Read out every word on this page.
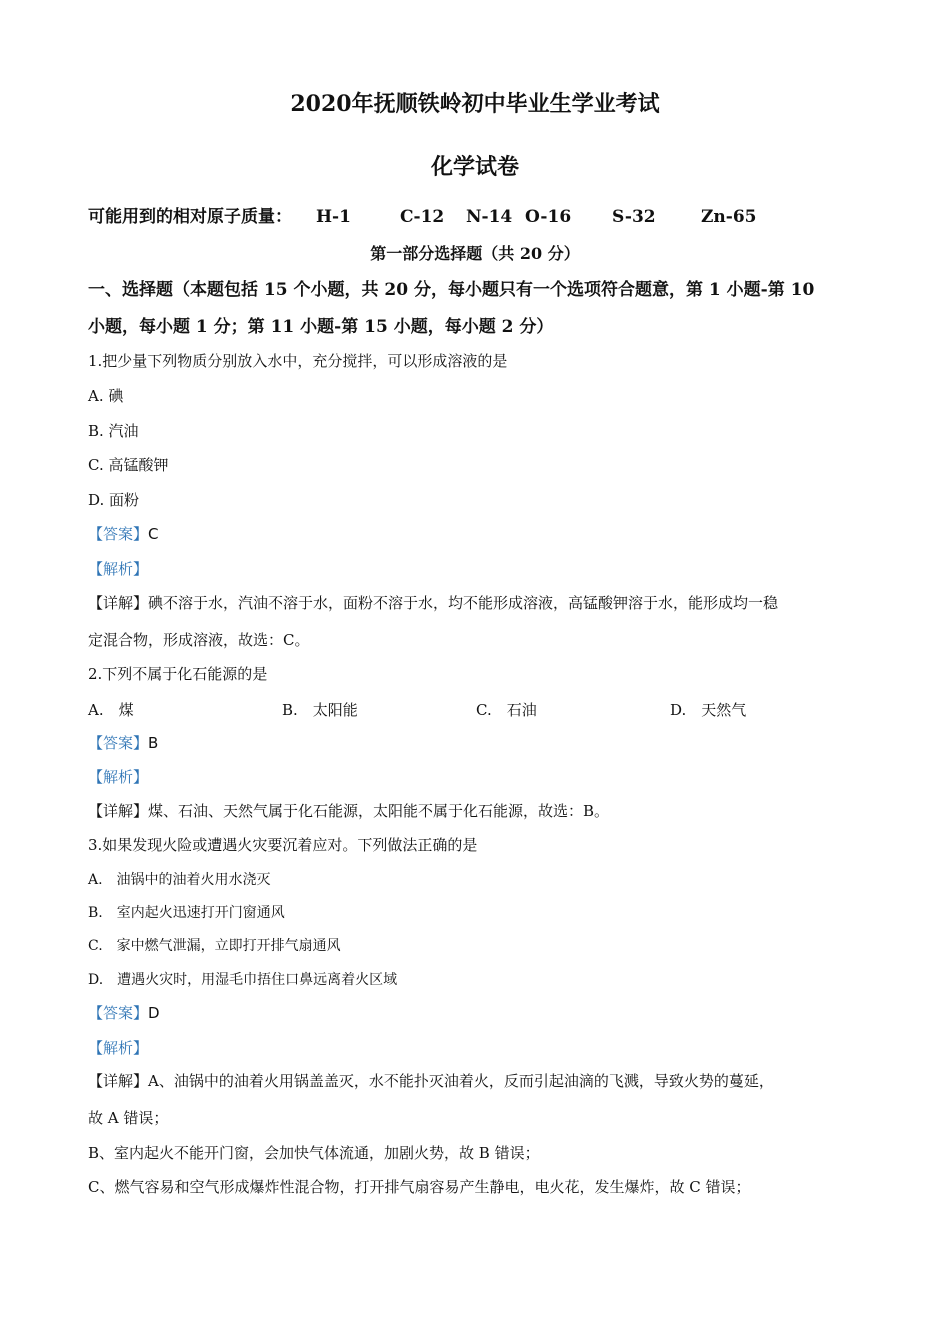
2020年抚顺铁岭初中毕业生学业考试
化学试卷
可能用到的相对原子质量： H-1	C-12 N-14 O-16 S-32	Zn-65
第一部分选择题（共 20 分）
一、选择题（本题包括 15 个小题，共 20 分，每小题只有一个选项符合题意，第 1 小题-第 10
小题，每小题 1 分；第 11 小题-第 15 小题，每小题 2 分）
1.把少量下列物质分别放入水中，充分搅拌，可以形成溶液的是
A. 碘
B. 汽油
C. 高锰酸钾
D. 面粉
【答案】C
【解析】
【详解】碘不溶于水，汽油不溶于水，面粉不溶于水，均不能形成溶液，高锰酸钾溶于水，能形成均一稳
定混合物，形成溶液，故选：C。
2.下列不属于化石能源的是
A.　煤	B.　太阳能	C.　石油	D.　天然气
【答案】B
【解析】
【详解】煤、石油、天然气属于化石能源，太阳能不属于化石能源，故选：B。
3.如果发现火险或遭遇火灾要沉着应对。下列做法正确的是
A.　油锅中的油着火用水浇灭
B.　室内起火迅速打开门窗通风
C.　家中燃气泄漏，立即打开排气扇通风
D.　遭遇火灾时，用湿毛巾捂住口鼻远离着火区域
【答案】D
【解析】
【详解】A、油锅中的油着火用锅盖盖灭，水不能扑灭油着火，反而引起油滴的飞溅，导致火势的蔓延，
故 A 错误；
B、室内起火不能开门窗，会加快气体流通，加剧火势，故 B 错误；
C、燃气容易和空气形成爆炸性混合物，打开排气扇容易产生静电，电火花，发生爆炸，故 C 错误；
